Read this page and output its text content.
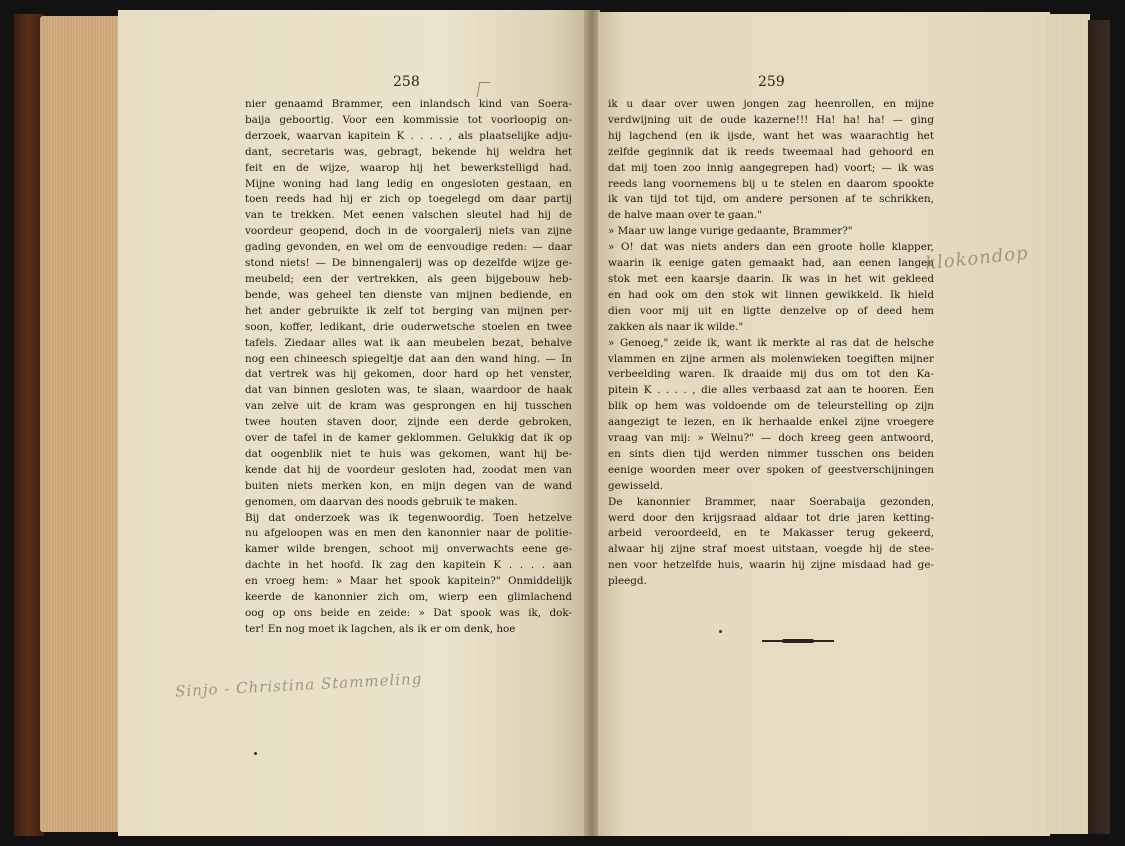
258	259
nier genaamd Brammer, een inlandsch kind van Soera-
baija geboortig. Voor een kommissie tot voorloopig on-
derzoek, waarvan kapitein K . . . . , als plaatselijke adju-
dant, secretaris was, gebragt, bekende hij weldra het
feit en de wijze, waarop hij het bewerkstelligd had.
Mijne woning had lang ledig en ongesloten gestaan, en
toen reeds had hij er zich op toegelegd om daar partij
van te trekken. Met eenen valschen sleutel had hij de
voordeur geopend, doch in de voorgalerij niets van zijne
gading gevonden, en wel om de eenvoudige reden: — daar
stond niets! — De binnengalerij was op dezelfde wijze ge-
meubeld; een der vertrekken, als geen bijgebouw heb-
bende, was geheel ten dienste van mijnen bediende, en
het ander gebruikte ik zelf tot berging van mijnen per-
soon, koffer, ledikant, drie ouderwetsche stoelen en twee
tafels. Ziedaar alles wat ik aan meubelen bezat, behalve
nog een chineesch spiegeltje dat aan den wand hing. — In
dat vertrek was hij gekomen, door hard op het venster,
dat van binnen gesloten was, te slaan, waardoor de haak
van zelve uit de kram was gesprongen en hij tusschen
twee houten staven door, zijnde een derde gebroken,
over de tafel in de kamer geklommen. Gelukkig dat ik op
dat oogenblik niet te huis was gekomen, want hij be-
kende dat hij de voordeur gesloten had, zoodat men van
buiten niets merken kon, en mijn degen van de wand
genomen, om daarvan des noods gebruik te maken.
Bij dat onderzoek was ik tegenwoordig. Toen hetzelve
nu afgeloopen was en men den kanonnier naar de politie-
kamer wilde brengen, schoot mij onverwachts eene ge-
dachte in het hoofd. Ik zag den kapitein K . . . . aan
en vroeg hem: » Maar het spook kapitein?" Onmiddelijk
keerde de kanonnier zich om, wierp een glimlachend
oog op ons beide en zeide: » Dat spook was ik, dok-
ter! En nog moet ik lagchen, als ik er om denk, hoe
ik u daar over uwen jongen zag heenrollen, en mijne
verdwijning uit de oude kazerne!!! Ha! ha! ha! — ging
hij lagchend (en ik ijsde, want het was waarachtig het
zelfde geginnik dat ik reeds tweemaal had gehoord en
dat mij toen zoo innig aangegrepen had) voort; — ik was
reeds lang voornemens bij u te stelen en daarom spookte
ik van tijd tot tijd, om andere personen af te schrikken,
de halve maan over te gaan."
» Maar uw lange vurige gedaante, Brammer?"
» O! dat was niets anders dan een groote holle klapper,
waarin ik eenige gaten gemaakt had, aan eenen langen
stok met een kaarsje daarin. Ik was in het wit gekleed
en had ook om den stok wit linnen gewikkeld. Ik hield
dien voor mij uit en ligtte denzelve op of deed hem
zakken als naar ik wilde."
» Genoeg," zeide ik, want ik merkte al ras dat de helsche
vlammen en zijne armen als molenwieken toegiften mijner
verbeelding waren. Ik draaide mij dus om tot den Ka-
pitein K . . . . , die alles verbaasd zat aan te hooren. Een
blik op hem was voldoende om de teleurstelling op zijn
aangezigt te lezen, en ik herhaalde enkel zijne vroegere
vraag van mij: » Welnu?" — doch kreeg geen antwoord,
en sints dien tijd werden nimmer tusschen ons beiden
eenige woorden meer over spoken of geestverschijningen
gewisseld.
De kanonnier Brammer, naar Soerabaija gezonden,
werd door den krijgsraad aldaar tot drie jaren ketting-
arbeid veroordeeld, en te Makasser terug gekeerd,
alwaar hij zijne straf moest uitstaan, voegde hij de stee-
nen voor hetzelfde huis, waarin hij zijne misdaad had ge-
pleegd.
Sinjo - Christina Stammeling
klokondop
